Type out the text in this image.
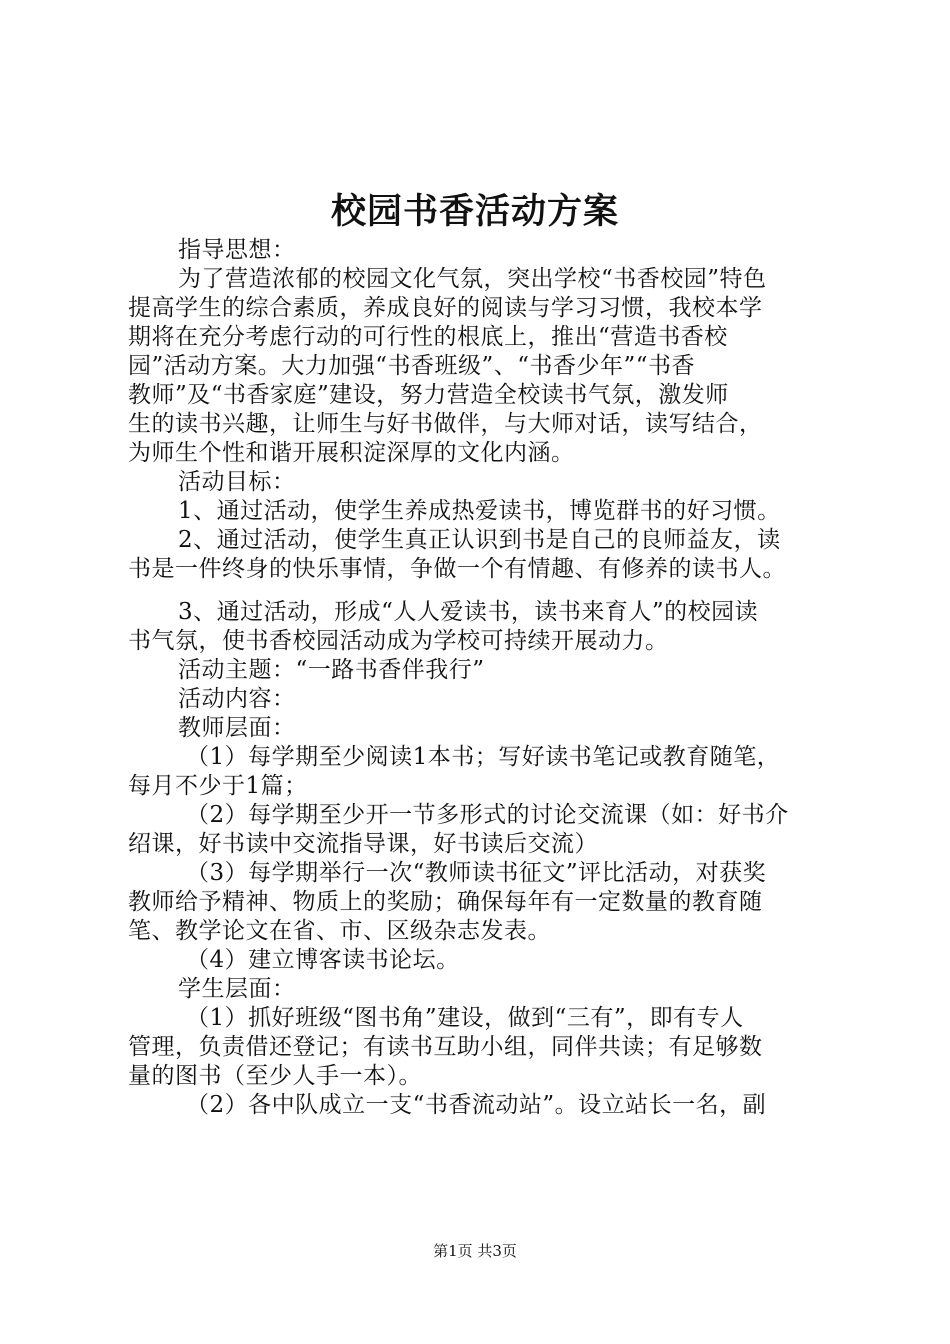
校园书香活动方案
指导思想：
为了营造浓郁的校园文化气氛，突出学校“书香校园”特色
提高学生的综合素质，养成良好的阅读与学习习惯，我校本学
期将在充分考虑行动的可行性的根底上，推出“营造书香校
园”活动方案。大力加强“书香班级”、“书香少年”“书香
教师”及“书香家庭”建设，努力营造全校读书气氛，激发师
生的读书兴趣，让师生与好书做伴，与大师对话，读写结合，
为师生个性和谐开展积淀深厚的文化内涵。
活动目标：
1、通过活动，使学生养成热爱读书，博览群书的好习惯。
2、通过活动，使学生真正认识到书是自己的良师益友，读
书是一件终身的快乐事情，争做一个有情趣、有修养的读书人。
3、通过活动，形成“人人爱读书，读书来育人”的校园读
书气氛，使书香校园活动成为学校可持续开展动力。
活动主题：“一路书香伴我行”
活动内容：
教师层面：
（1）每学期至少阅读1本书；写好读书笔记或教育随笔，
每月不少于1篇；
（2）每学期至少开一节多形式的讨论交流课（如：好书介
绍课，好书读中交流指导课，好书读后交流）
（3）每学期举行一次“教师读书征文”评比活动，对获奖
教师给予精神、物质上的奖励；确保每年有一定数量的教育随
笔、教学论文在省、市、区级杂志发表。
（4）建立博客读书论坛。
学生层面：
（1）抓好班级“图书角”建设，做到“三有”，即有专人
管理，负责借还登记；有读书互助小组，同伴共读；有足够数
量的图书（至少人手一本）。
（2）各中队成立一支“书香流动站”。设立站长一名，副
第1页 共3页
